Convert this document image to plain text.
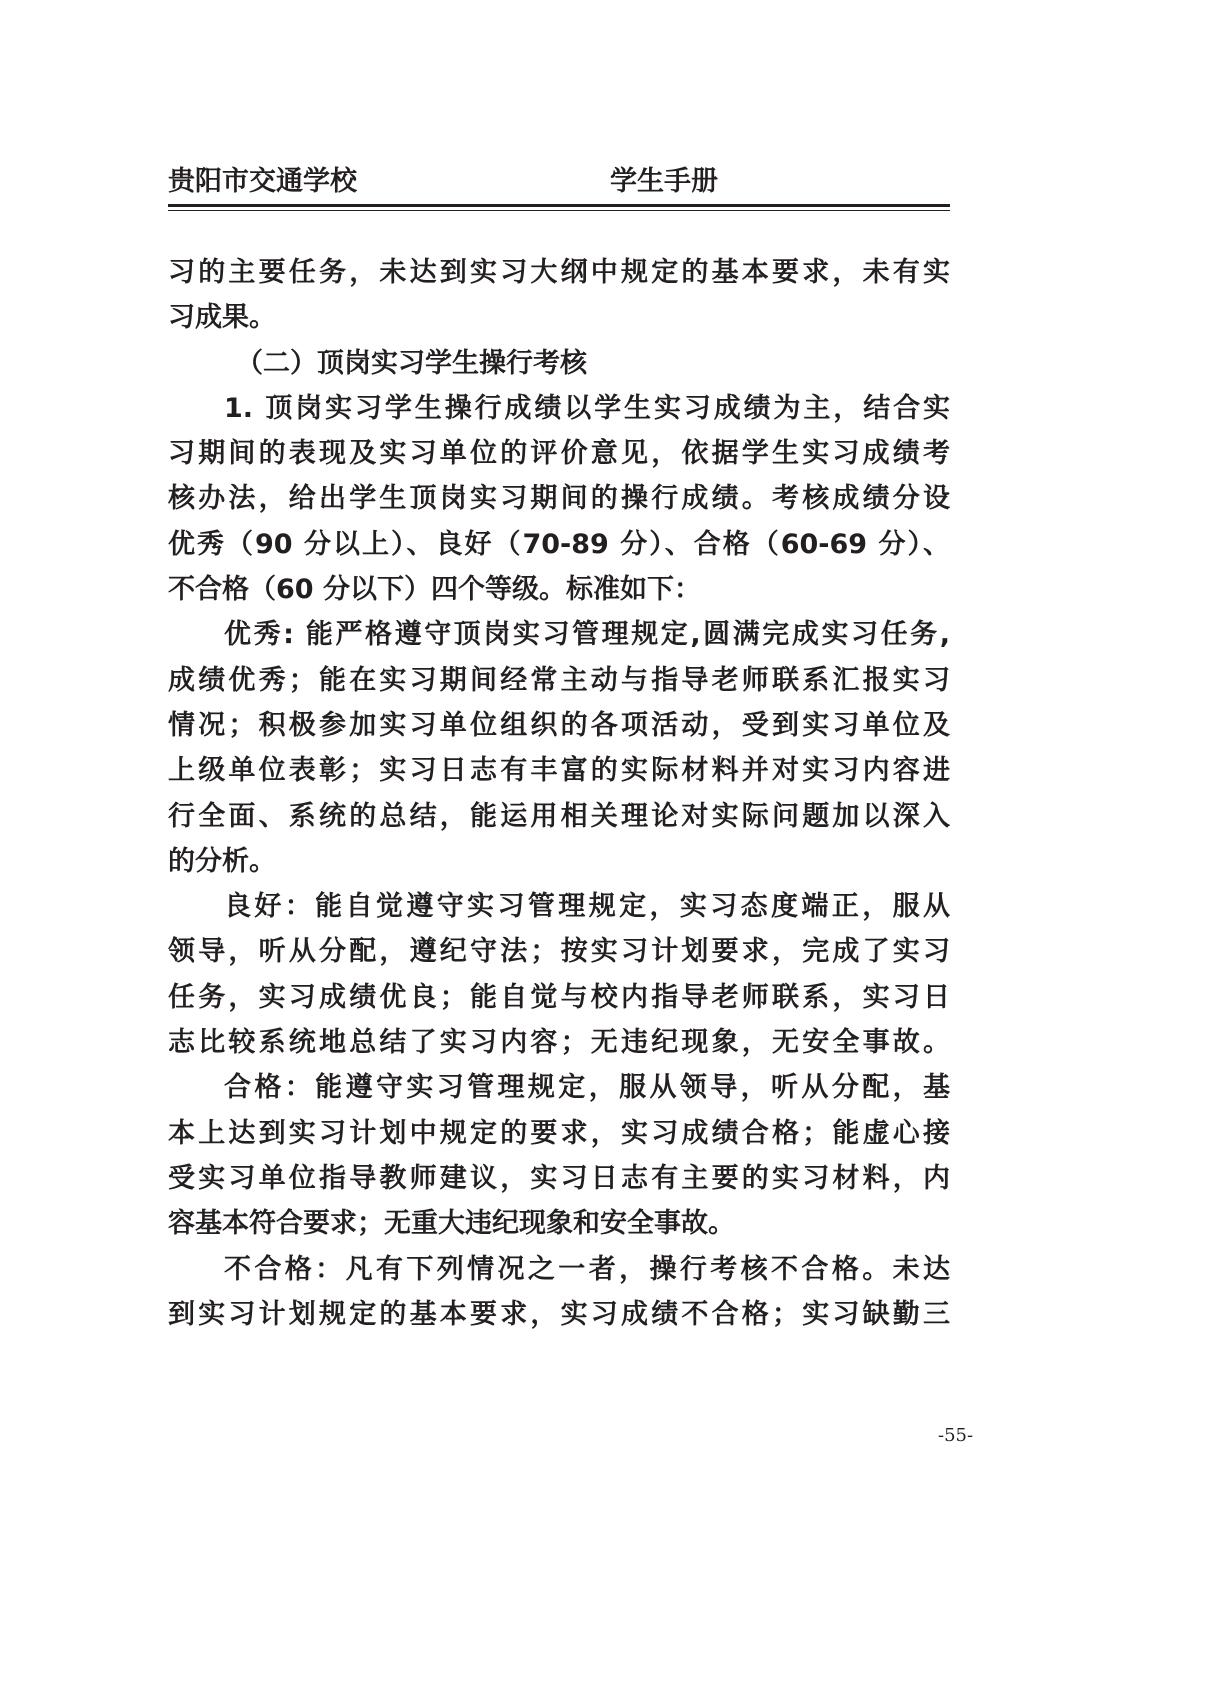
贵阳市交通学校	学生手册
习的主要任务，未达到实习大纲中规定的基本要求，未有实
习成果。
（二）顶岗实习学生操行考核
1. 顶岗实习学生操行成绩以学生实习成绩为主，结合实
习期间的表现及实习单位的评价意见，依据学生实习成绩考
核办法，给出学生顶岗实习期间的操行成绩。考核成绩分设
优秀（90 分以上）、良好（70-89 分）、合格（60-69 分）、
不合格（60 分以下）四个等级。标准如下：
优秀: 能严格遵守顶岗实习管理规定,圆满完成实习任务,
成绩优秀；能在实习期间经常主动与指导老师联系汇报实习
情况；积极参加实习单位组织的各项活动，受到实习单位及
上级单位表彰；实习日志有丰富的实际材料并对实习内容进
行全面、系统的总结，能运用相关理论对实际问题加以深入
的分析。
良好：能自觉遵守实习管理规定，实习态度端正，服从
领导，听从分配，遵纪守法；按实习计划要求，完成了实习
任务，实习成绩优良；能自觉与校内指导老师联系，实习日
志比较系统地总结了实习内容；无违纪现象，无安全事故。
合格：能遵守实习管理规定，服从领导，听从分配，基
本上达到实习计划中规定的要求，实习成绩合格；能虚心接
受实习单位指导教师建议，实习日志有主要的实习材料，内
容基本符合要求；无重大违纪现象和安全事故。
不合格：凡有下列情况之一者，操行考核不合格。未达
到实习计划规定的基本要求，实习成绩不合格；实习缺勤三
-55-
